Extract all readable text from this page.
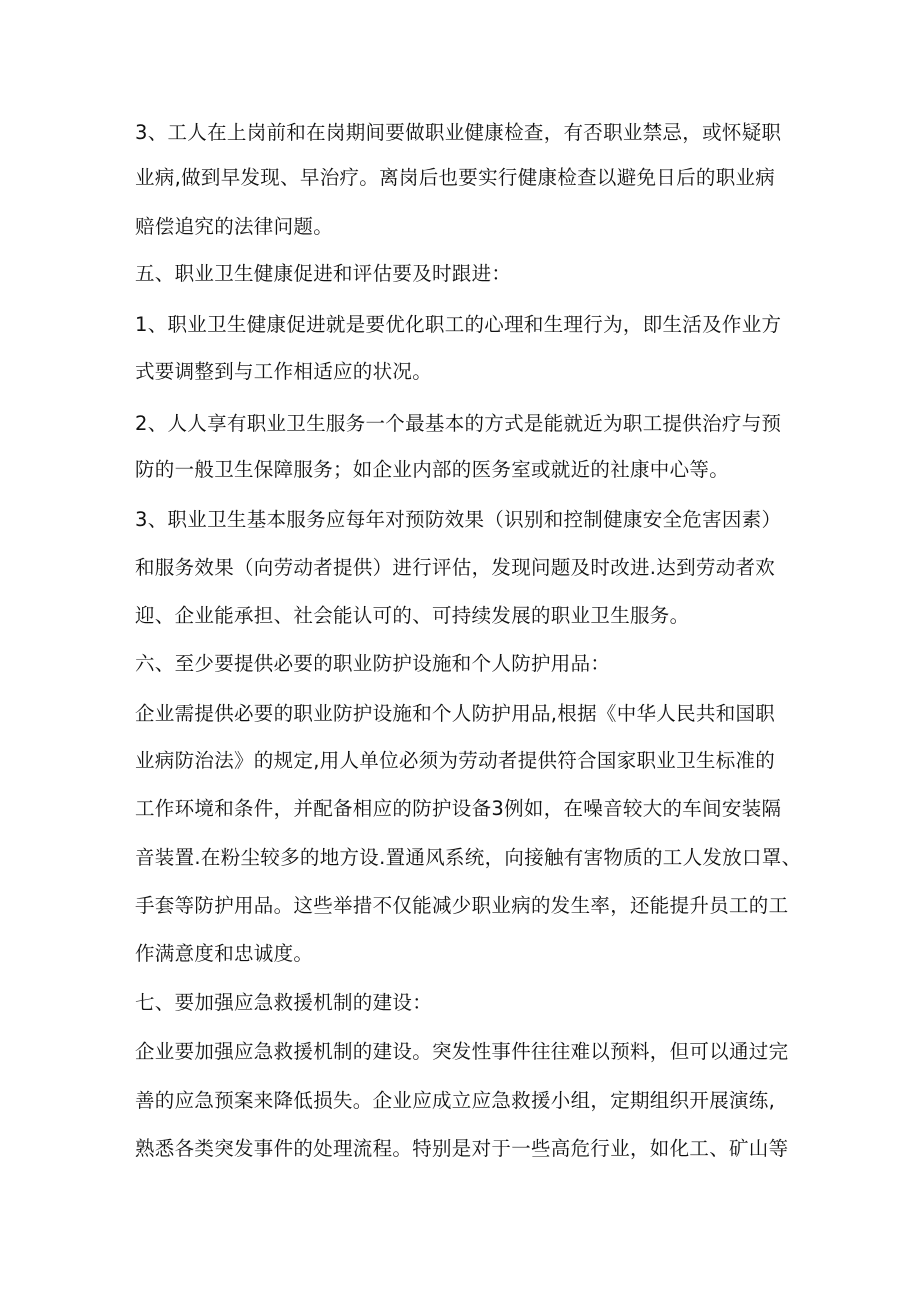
3、工人在上岗前和在岗期间要做职业健康检查，有否职业禁忌，或怀疑职
业病,做到早发现、早治疗。离岗后也要实行健康检查以避免日后的职业病
赔偿追究的法律问题。
五、职业卫生健康促进和评估要及时跟进：
1、职业卫生健康促进就是要优化职工的心理和生理行为，即生活及作业方
式要调整到与工作相适应的状况。
2、人人享有职业卫生服务一个最基本的方式是能就近为职工提供治疗与预
防的一般卫生保障服务；如企业内部的医务室或就近的社康中心等。
3、职业卫生基本服务应每年对预防效果（识别和控制健康安全危害因素）
和服务效果（向劳动者提供）进行评估，发现问题及时改进.达到劳动者欢
迎、企业能承担、社会能认可的、可持续发展的职业卫生服务。
六、至少要提供必要的职业防护设施和个人防护用品：
企业需提供必要的职业防护设施和个人防护用品,根据《中华人民共和国职
业病防治法》的规定,用人单位必须为劳动者提供符合国家职业卫生标准的
工作环境和条件，并配备相应的防护设备3例如，在噪音较大的车间安装隔
音装置.在粉尘较多的地方设.置通风系统，向接触有害物质的工人发放口罩、
手套等防护用品。这些举措不仅能减少职业病的发生率，还能提升员工的工
作满意度和忠诚度。
七、要加强应急救援机制的建设：
企业要加强应急救援机制的建设。突发性事件往往难以预料，但可以通过完
善的应急预案来降低损失。企业应成立应急救援小组，定期组织开展演练,
熟悉各类突发事件的处理流程。特别是对于一些高危行业，如化工、矿山等
